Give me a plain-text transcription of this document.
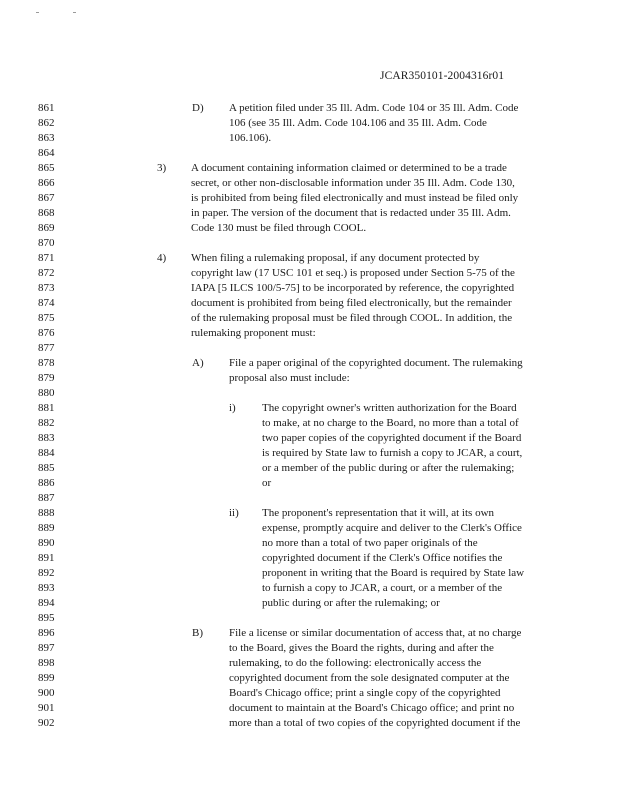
JCAR350101-2004316r01
861
862
863
864
865
866
867
868
869
870
871
872
873
874
875
876
877
878
879
880
881
882
883
884
885
886
887
888
889
890
891
892
893
894
895
896
897
898
899
900
901
902
D) A petition filed under 35 Ill. Adm. Code 104 or 35 Ill. Adm. Code
106 (see 35 Ill. Adm. Code 104.106 and 35 Ill. Adm. Code
106.106).
3) A document containing information claimed or determined to be a trade
secret, or other non-disclosable information under 35 Ill. Adm. Code 130,
is prohibited from being filed electronically and must instead be filed only
in paper. The version of the document that is redacted under 35 Ill. Adm.
Code 130 must be filed through COOL.
4) When filing a rulemaking proposal, if any document protected by
copyright law (17 USC 101 et seq.) is proposed under Section 5-75 of the
IAPA [5 ILCS 100/5-75] to be incorporated by reference, the copyrighted
document is prohibited from being filed electronically, but the remainder
of the rulemaking proposal must be filed through COOL. In addition, the
rulemaking proponent must:
A) File a paper original of the copyrighted document. The rulemaking
proposal also must include:
i) The copyright owner's written authorization for the Board
to make, at no charge to the Board, no more than a total of
two paper copies of the copyrighted document if the Board
is required by State law to furnish a copy to JCAR, a court,
or a member of the public during or after the rulemaking;
or
ii) The proponent's representation that it will, at its own
expense, promptly acquire and deliver to the Clerk's Office
no more than a total of two paper originals of the
copyrighted document if the Clerk's Office notifies the
proponent in writing that the Board is required by State law
to furnish a copy to JCAR, a court, or a member of the
public during or after the rulemaking; or
B) File a license or similar documentation of access that, at no charge
to the Board, gives the Board the rights, during and after the
rulemaking, to do the following: electronically access the
copyrighted document from the sole designated computer at the
Board's Chicago office; print a single copy of the copyrighted
document to maintain at the Board's Chicago office; and print no
more than a total of two copies of the copyrighted document if the
